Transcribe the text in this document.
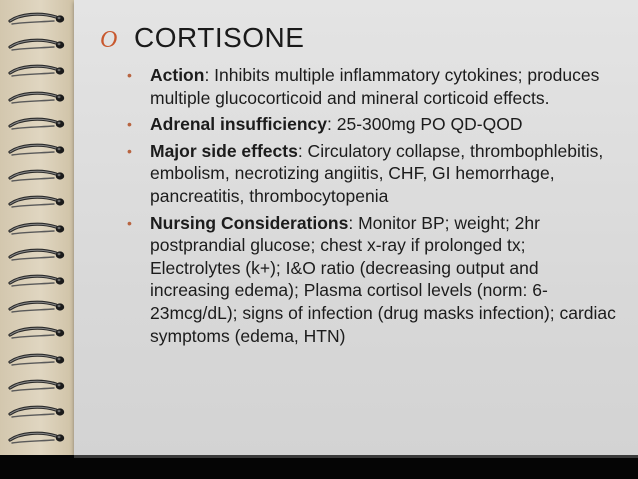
O CORTISONE
• Action: Inhibits multiple inflammatory cytokines; produces multiple glucocorticoid and mineral corticoid effects.
• Adrenal insufficiency: 25-300mg PO QD-QOD
• Major side effects: Circulatory collapse, thrombophlebitis, embolism, necrotizing angiitis, CHF, GI hemorrhage, pancreatitis, thrombocytopenia
• Nursing Considerations: Monitor BP; weight; 2hr postprandial glucose; chest x-ray if prolonged tx; Electrolytes (k+); I&O ratio (decreasing output and increasing edema); Plasma cortisol levels (norm: 6-23mcg/dL); signs of infection (drug masks infection); cardiac symptoms (edema, HTN)
